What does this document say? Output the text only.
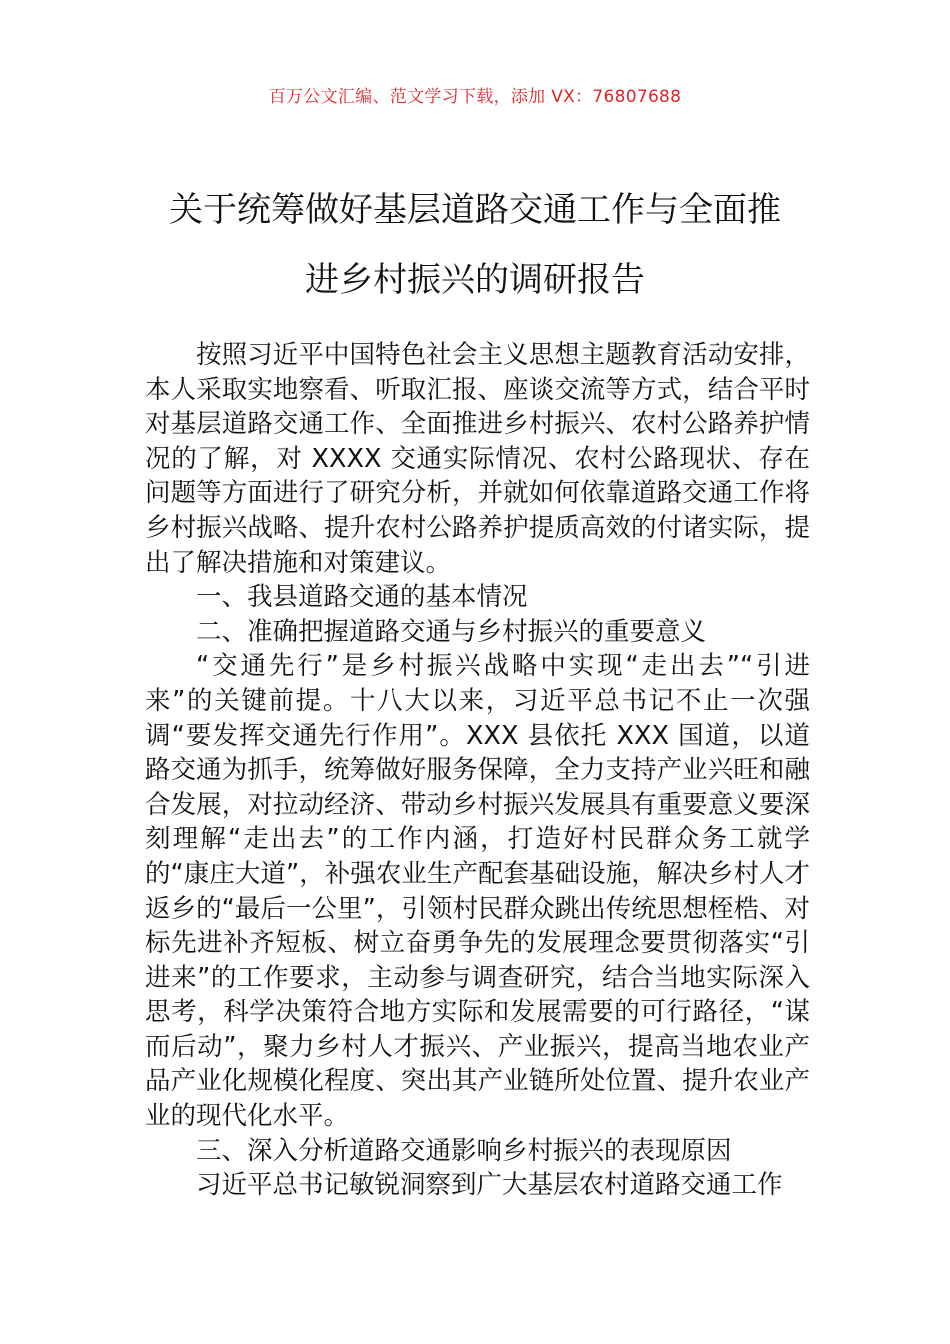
百万公文汇编、范文学习下载，添加 VX：76807688
关于统筹做好基层道路交通工作与全面推
进乡村振兴的调研报告

按照习近平中国特色社会主义思想主题教育活动安排，本人采取实地察看、听取汇报、座谈交流等方式，结合平时对基层道路交通工作、全面推进乡村振兴、农村公路养护情况的了解，对 XXXX 交通实际情况、农村公路现状、存在问题等方面进行了研究分析，并就如何依靠道路交通工作将乡村振兴战略、提升农村公路养护提质高效的付诸实际，提出了解决措施和对策建议。

一、我县道路交通的基本情况

二、准确把握道路交通与乡村振兴的重要意义

“交通先行”是乡村振兴战略中实现“走出去”“引进来”的关键前提。十八大以来，习近平总书记不止一次强调“要发挥交通先行作用”。XXX 县依托 XXX 国道，以道路交通为抓手，统筹做好服务保障，全力支持产业兴旺和融合发展，对拉动经济、带动乡村振兴发展具有重要意义要深刻理解“走出去”的工作内涵，打造好村民群众务工就学的“康庄大道”，补强农业生产配套基础设施，解决乡村人才返乡的“最后一公里”，引领村民群众跳出传统思想桎梏、对标先进补齐短板、树立奋勇争先的发展理念要贯彻落实“引进来”的工作要求，主动参与调查研究，结合当地实际深入思考，科学决策符合地方实际和发展需要的可行路径，“谋而后动”，聚力乡村人才振兴、产业振兴，提高当地农业产品产业化规模化程度、突出其产业链所处位置、提升农业产业的现代化水平。

三、深入分析道路交通影响乡村振兴的表现原因

习近平总书记敏锐洞察到广大基层农村道路交通工作
